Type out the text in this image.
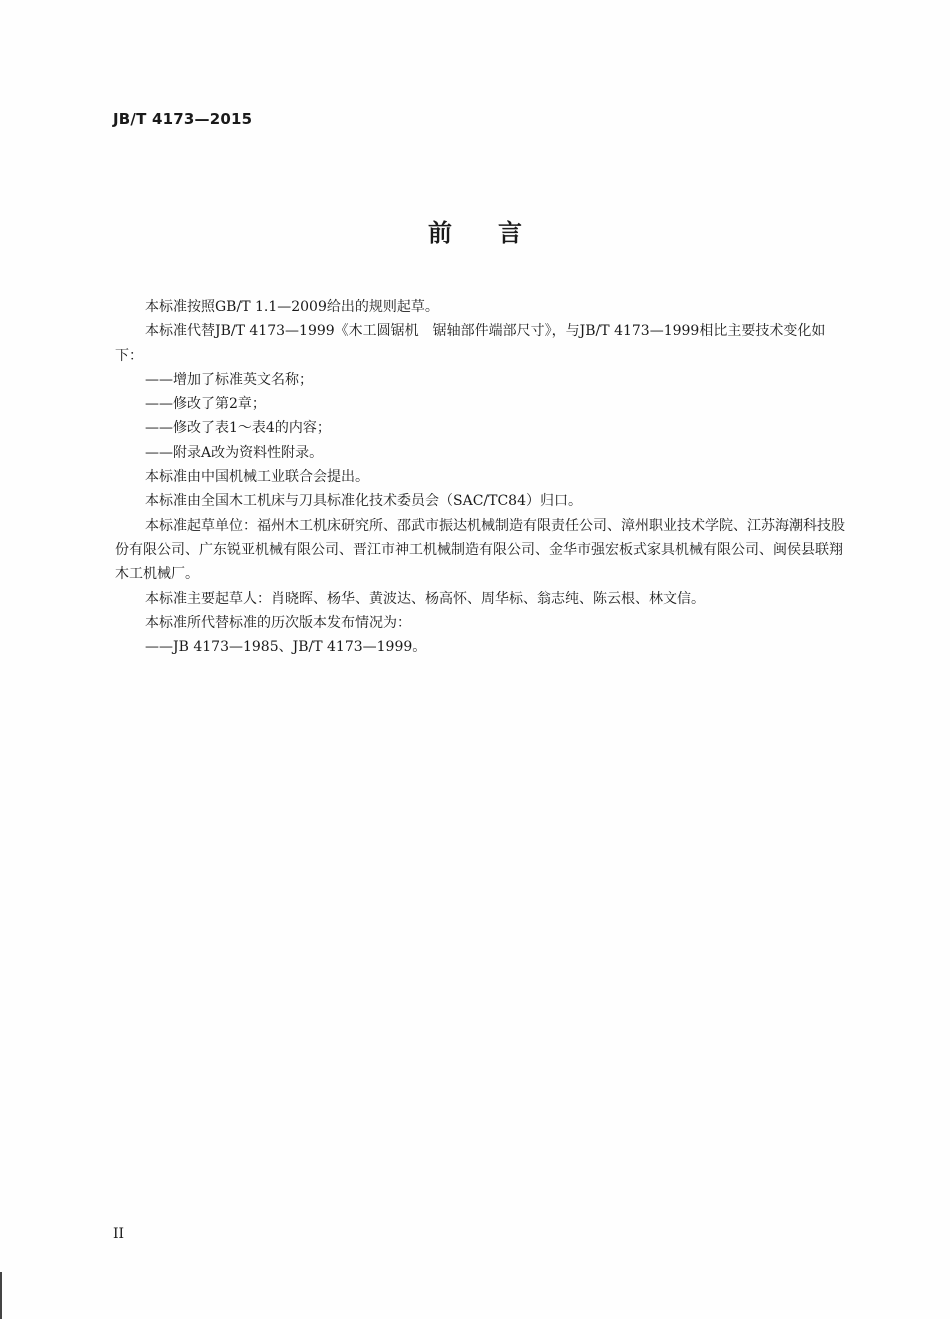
JB/T 4173—2015
前言

本标准按照GB/T 1.1—2009给出的规则起草。

本标准代替JB/T 4173—1999《木工圆锯机　锯轴部件端部尺寸》，与JB/T 4173—1999相比主要技术变化如下：

——增加了标准英文名称；

——修改了第2章；

——修改了表1～表4的内容；

——附录A改为资料性附录。

本标准由中国机械工业联合会提出。

本标准由全国木工机床与刀具标准化技术委员会（SAC/TC84）归口。

本标准起草单位：福州木工机床研究所、邵武市振达机械制造有限责任公司、漳州职业技术学院、江苏海潮科技股份有限公司、广东锐亚机械有限公司、晋江市神工机械制造有限公司、金华市强宏板式家具机械有限公司、闽侯县联翔木工机械厂。

本标准主要起草人：肖晓晖、杨华、黄波达、杨高怀、周华标、翁志纯、陈云根、林文信。

本标准所代替标准的历次版本发布情况为：

——JB 4173—1985、JB/T 4173—1999。

II
